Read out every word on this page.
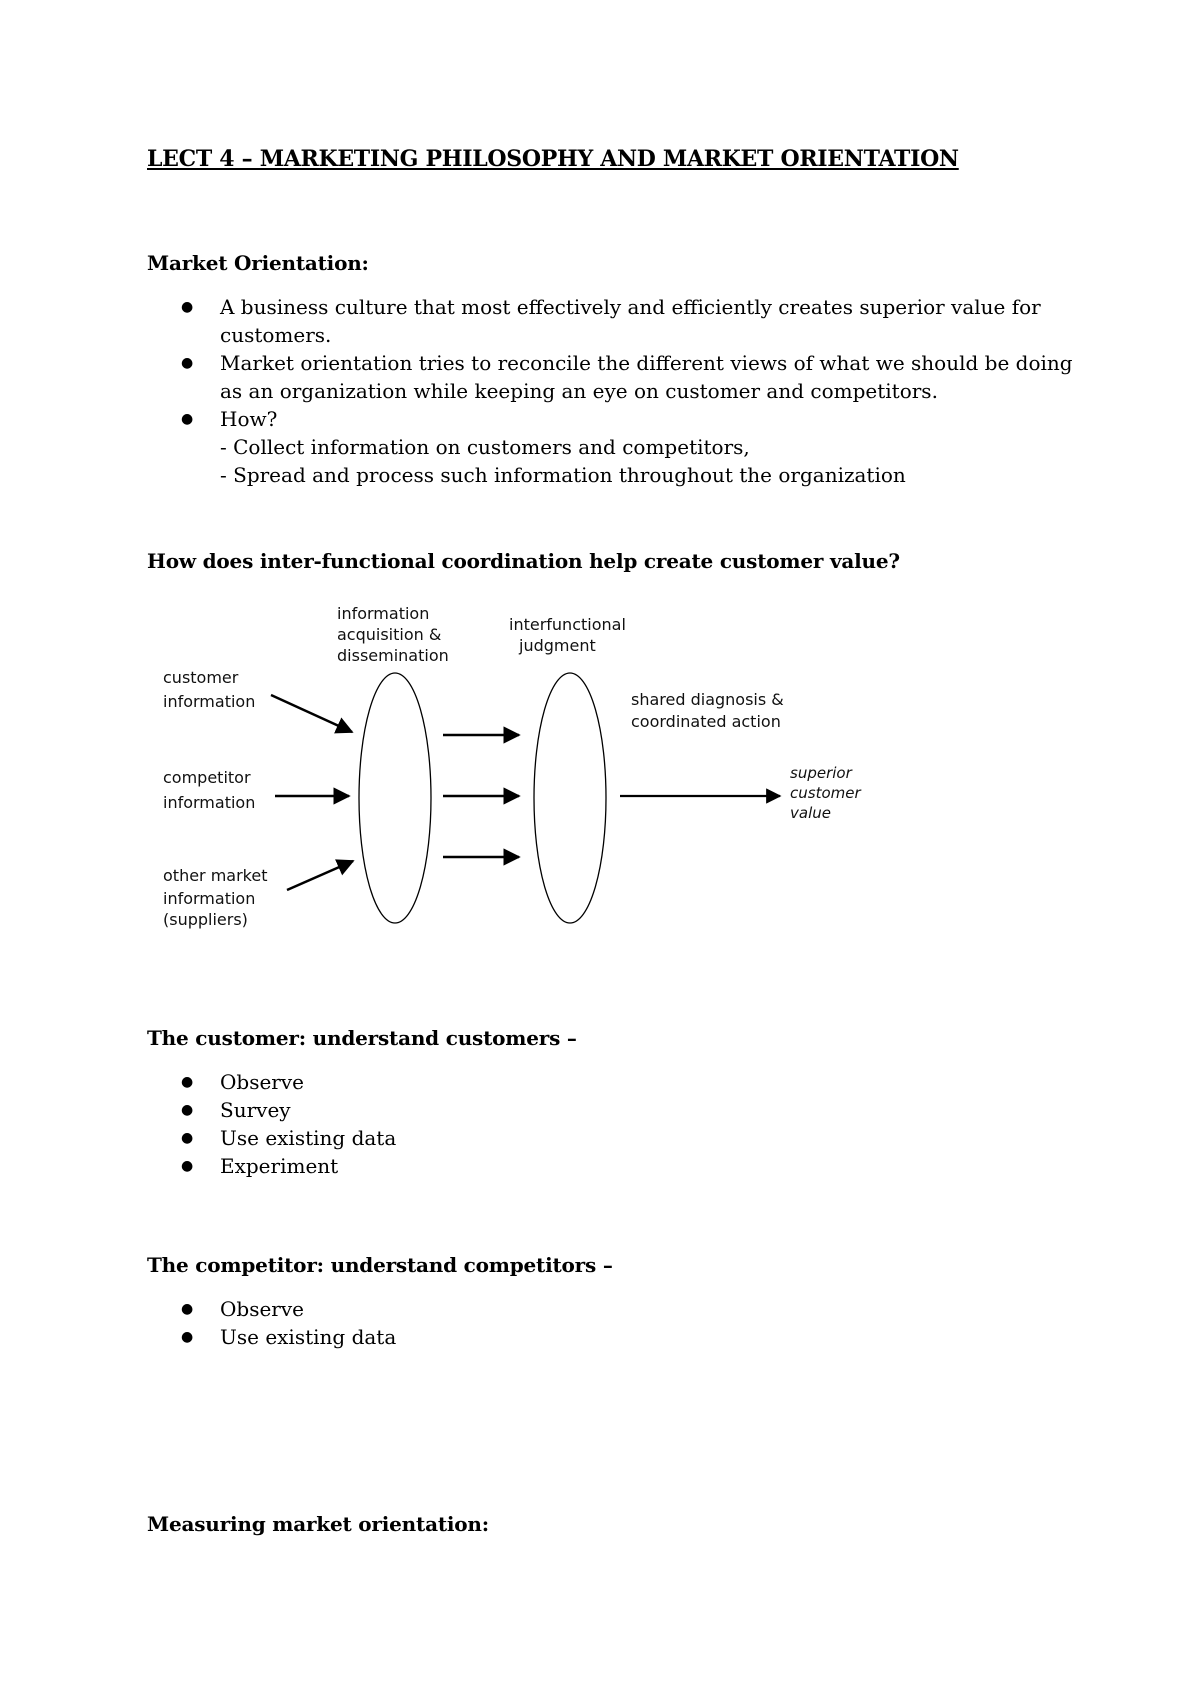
LECT 4 – MARKETING PHILOSOPHY AND MARKET ORIENTATION
Market Orientation:
● A business culture that most effectively and efficiently creates superior value for customers.
● Market orientation tries to reconcile the different views of what we should be doing as an organization while keeping an eye on customer and competitors.
● How?
- Collect information on customers and competitors,
- Spread and process such information throughout the organization
How does inter-functional coordination help create customer value?
information acquisition & dissemination
interfunctional judgment
customer information
competitor information
other market information (suppliers)
shared diagnosis & coordinated action
superior customer value
The customer: understand customers –
● Observe
● Survey
● Use existing data
● Experiment
The competitor: understand competitors –
● Observe
● Use existing data
Measuring market orientation:
